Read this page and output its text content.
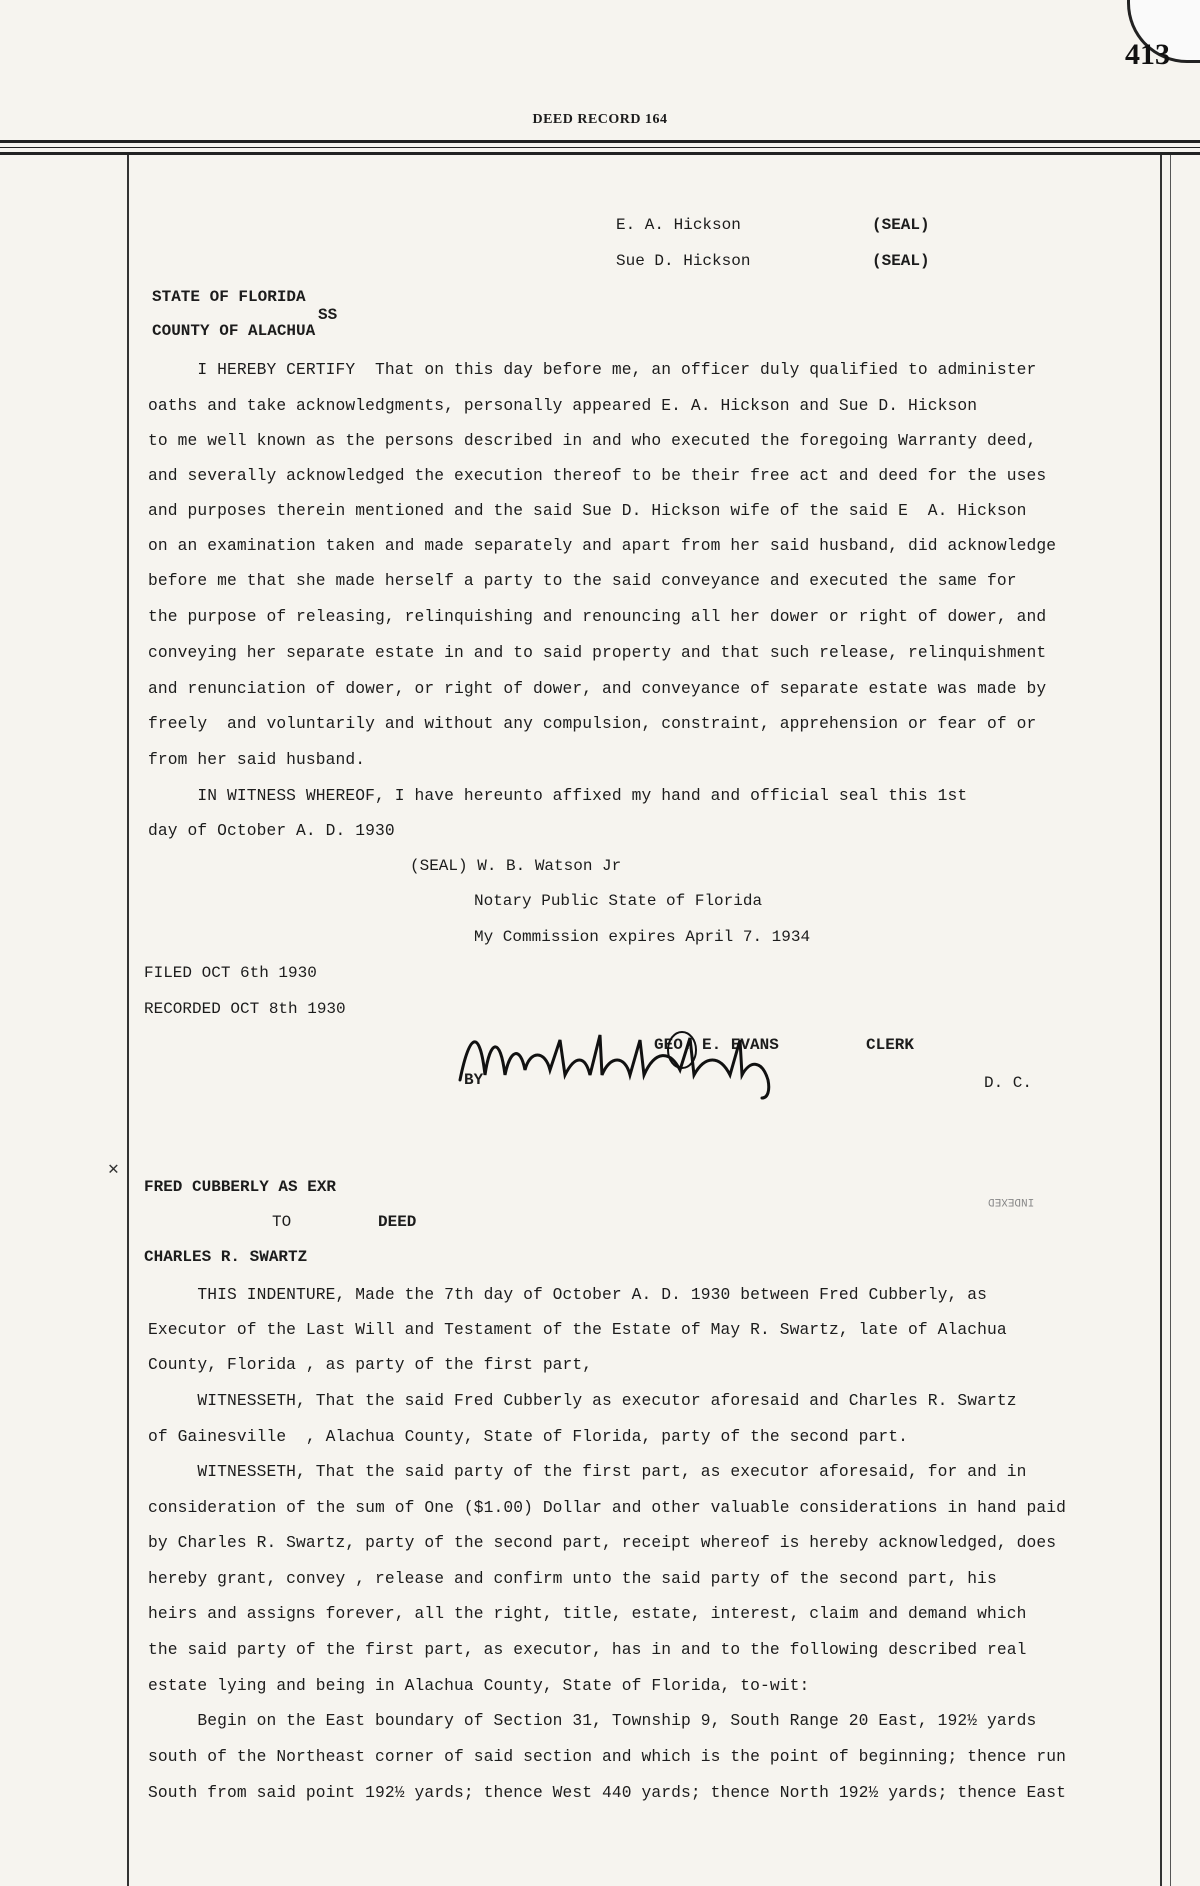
413
DEED RECORD 164
E. A. Hickson	(SEAL)
Sue D. Hickson	(SEAL)
STATE OF FLORIDA
SS
COUNTY OF ALACHUA
I HEREBY CERTIFY  That on this day before me, an officer duly qualified to administer
oaths and take acknowledgments, personally appeared E. A. Hickson and Sue D. Hickson
to me well known as the persons described in and who executed the foregoing Warranty deed,
and severally acknowledged the execution thereof to be their free act and deed for the uses
and purposes therein mentioned and the said Sue D. Hickson wife of the said E  A. Hickson
on an examination taken and made separately and apart from her said husband, did acknowledge
before me that she made herself a party to the said conveyance and executed the same for
the purpose of releasing, relinquishing and renouncing all her dower or right of dower, and
conveying her separate estate in and to said property and that such release, relinquishment
and renunciation of dower, or right of dower, and conveyance of separate estate was made by
freely  and voluntarily and without any compulsion, constraint, apprehension or fear of or
from her said husband.
IN WITNESS WHEREOF, I have hereunto affixed my hand and official seal this 1st
day of October A. D. 1930
(SEAL) W. B. Watson Jr
Notary Public State of Florida
My Commission expires April 7. 1934
FILED OCT 6th 1930
RECORDED OCT 8th 1930
GEO. E. EVANS	CLERK
BY	D. C.
✕
FRED CUBBERLY AS EXR
TO	DEED
CHARLES R. SWARTZ
INDEXED
THIS INDENTURE, Made the 7th day of October A. D. 1930 between Fred Cubberly, as
Executor of the Last Will and Testament of the Estate of May R. Swartz, late of Alachua
County, Florida , as party of the first part,
WITNESSETH, That the said Fred Cubberly as executor aforesaid and Charles R. Swartz
of Gainesville  , Alachua County, State of Florida, party of the second part.
WITNESSETH, That the said party of the first part, as executor aforesaid, for and in
consideration of the sum of One ($1.00) Dollar and other valuable considerations in hand paid
by Charles R. Swartz, party of the second part, receipt whereof is hereby acknowledged, does
hereby grant, convey , release and confirm unto the said party of the second part, his
heirs and assigns forever, all the right, title, estate, interest, claim and demand which
the said party of the first part, as executor, has in and to the following described real
estate lying and being in Alachua County, State of Florida, to-wit:
Begin on the East boundary of Section 31, Township 9, South Range 20 East, 192½ yards
south of the Northeast corner of said section and which is the point of beginning; thence run
South from said point 192½ yards; thence West 440 yards; thence North 192½ yards; thence East
